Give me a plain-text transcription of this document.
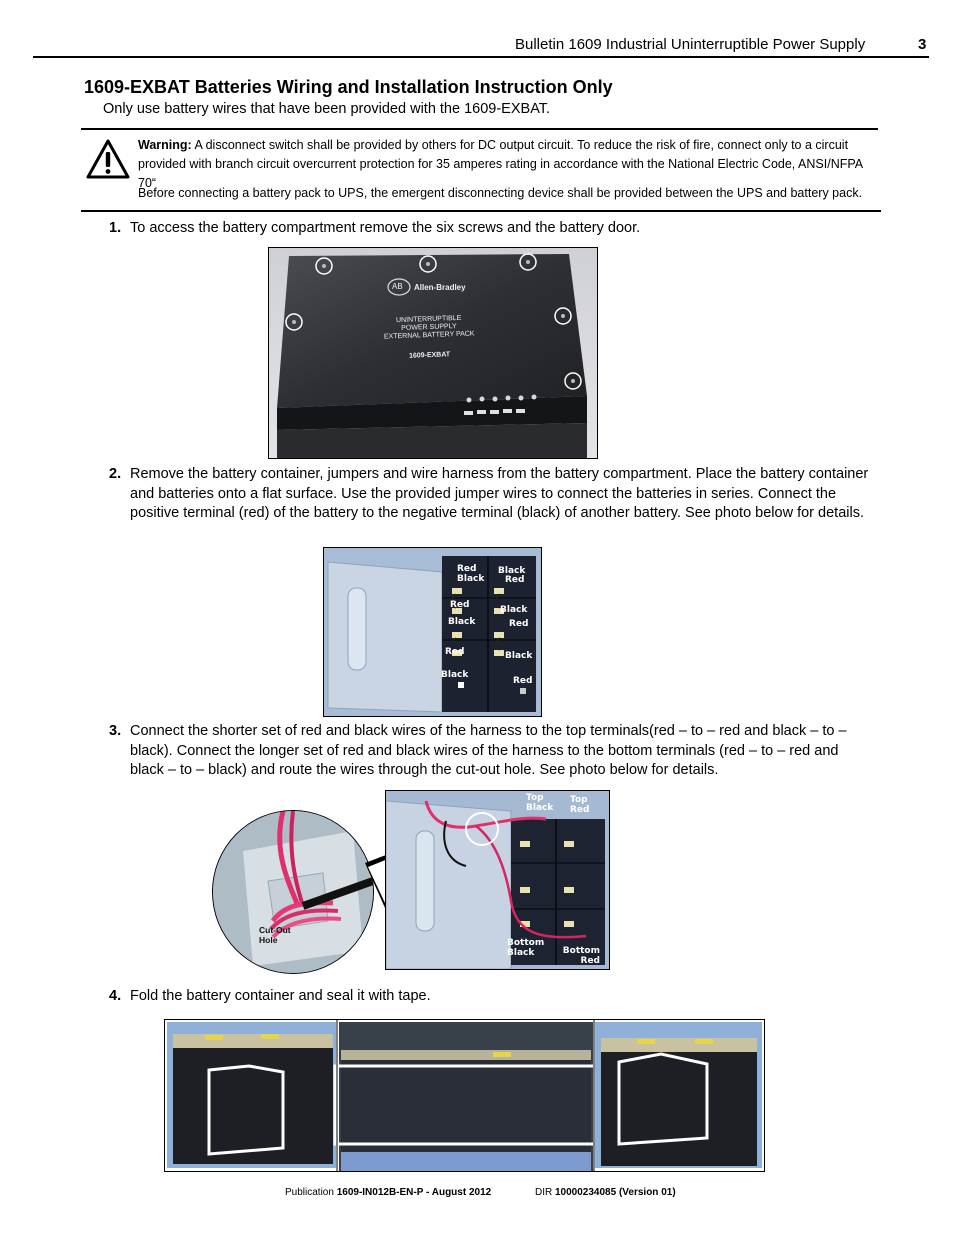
Bulletin 1609 Industrial Uninterruptible Power Supply	3
1609-EXBAT Batteries Wiring and Installation Instruction Only
Only use battery wires that have been provided with the 1609-EXBAT.
Warning: A disconnect switch shall be provided by others for DC output circuit. To reduce the risk of fire, connect only to a circuit provided with branch circuit overcurrent protection for 35 amperes rating in accordance with the National Electric Code, ANSI/NFPA 70“
Before connecting a battery pack to UPS, the emergent disconnecting device shall be provided between the UPS and battery pack.
1. To access the battery compartment remove the six screws and the battery door.
AB Allen-Bradley
UNINTERRUPTIBLE
POWER SUPPLY
EXTERNAL BATTERY PACK
1609-EXBAT
2. Remove the battery container, jumpers and wire harness from the battery compartment. Place the battery container and batteries onto a flat surface. Use the provided jumper wires to connect the batteries in series. Connect the positive terminal (red) of the battery to the negative terminal (black) of another battery. See photo below for details.
Red
Black
Black
Red
Red	Black
Black	Red
Red	Black
Black
Red
3. Connect the shorter set of red and black wires of the harness to the top terminals(red – to – red and black – to – black). Connect the longer set of red and black wires of the harness to the bottom terminals (red – to – red and black – to – black) and route the wires through the cut-out hole. See photo below for details.
Cut-Out Hole
Top Black
Top Red
Bottom Black	Bottom Red
4. Fold the battery container and seal it with tape.
Publication 1609-IN012B-EN-P - August 2012	DIR 10000234085 (Version 01)
